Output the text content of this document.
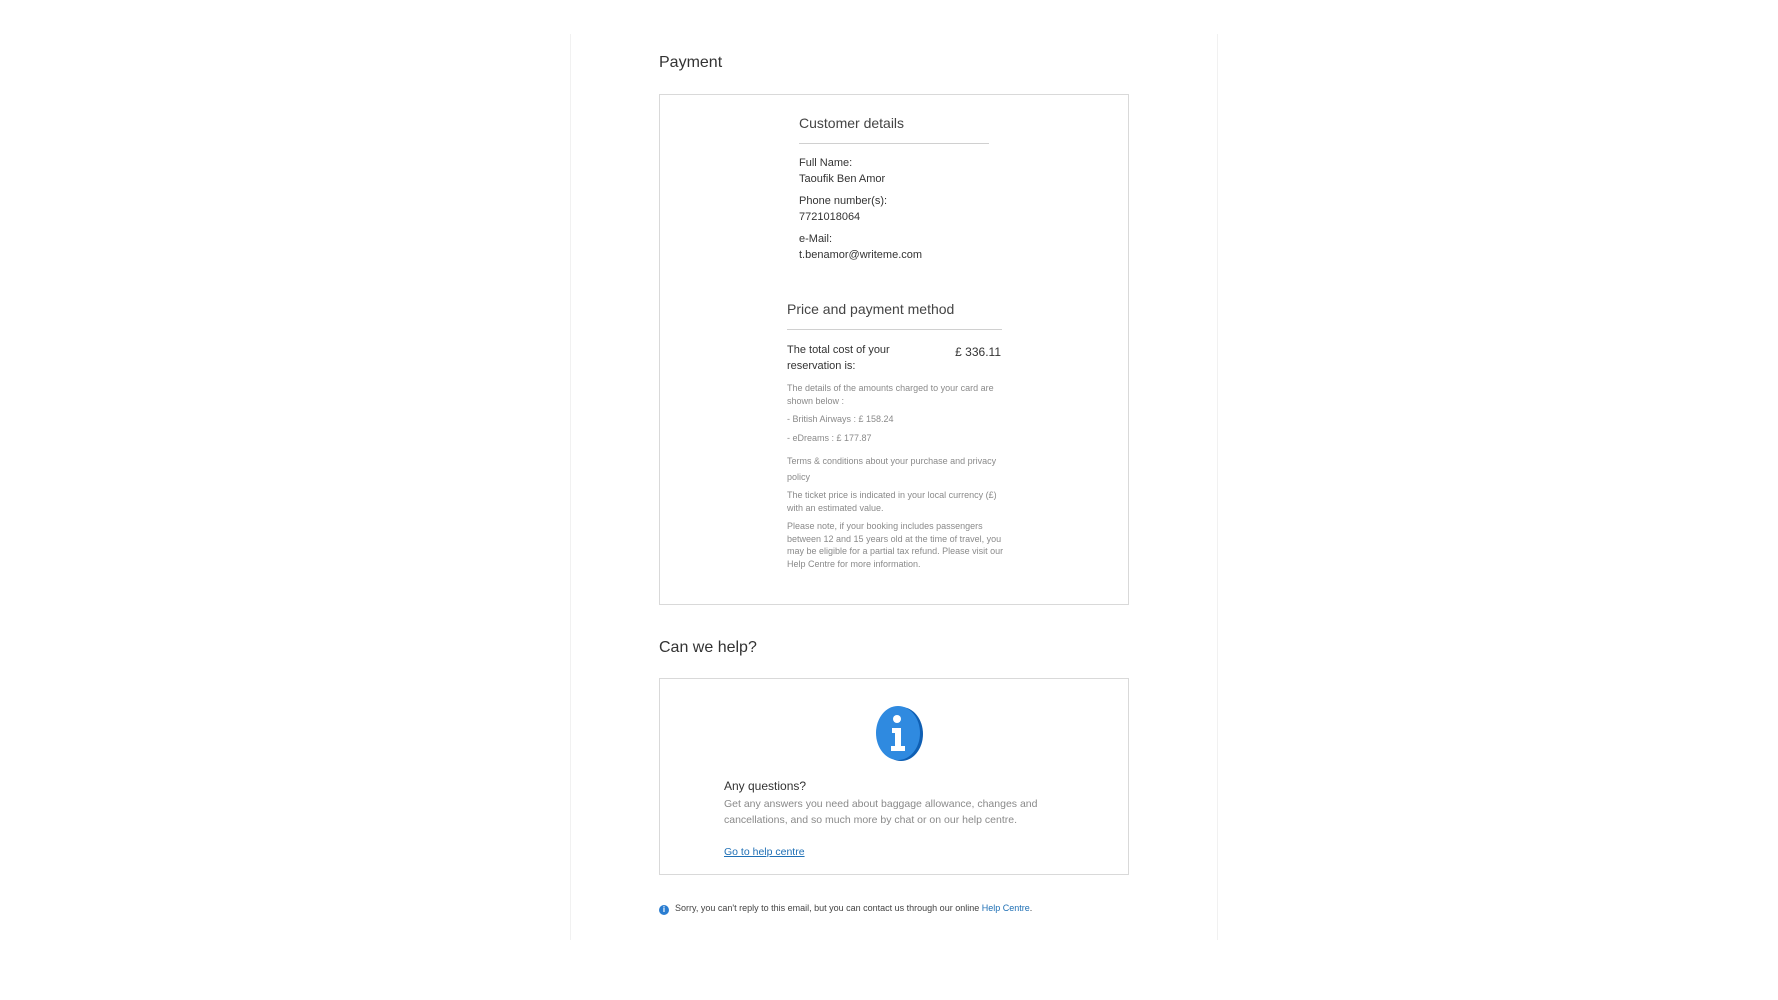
Payment
Customer details
Full Name:
Taoufik Ben Amor
Phone number(s):
7721018064
e-Mail:
t.benamor@writeme.com
Price and payment method
The total cost of your reservation is:
£ 336.11
The details of the amounts charged to your card are shown below :
- British Airways : £ 158.24
- eDreams : £ 177.87
Terms & conditions about your purchase and privacy policy
The ticket price is indicated in your local currency (£) with an estimated value.
Please note, if your booking includes passengers between 12 and 15 years old at the time of travel, you may be eligible for a partial tax refund. Please visit our Help Centre for more information.
Can we help?
Any questions?
Get any answers you need about baggage allowance, changes and cancellations, and so much more by chat or on our help centre.
Go to help centre
i Sorry, you can't reply to this email, but you can contact us through our online Help Centre.
